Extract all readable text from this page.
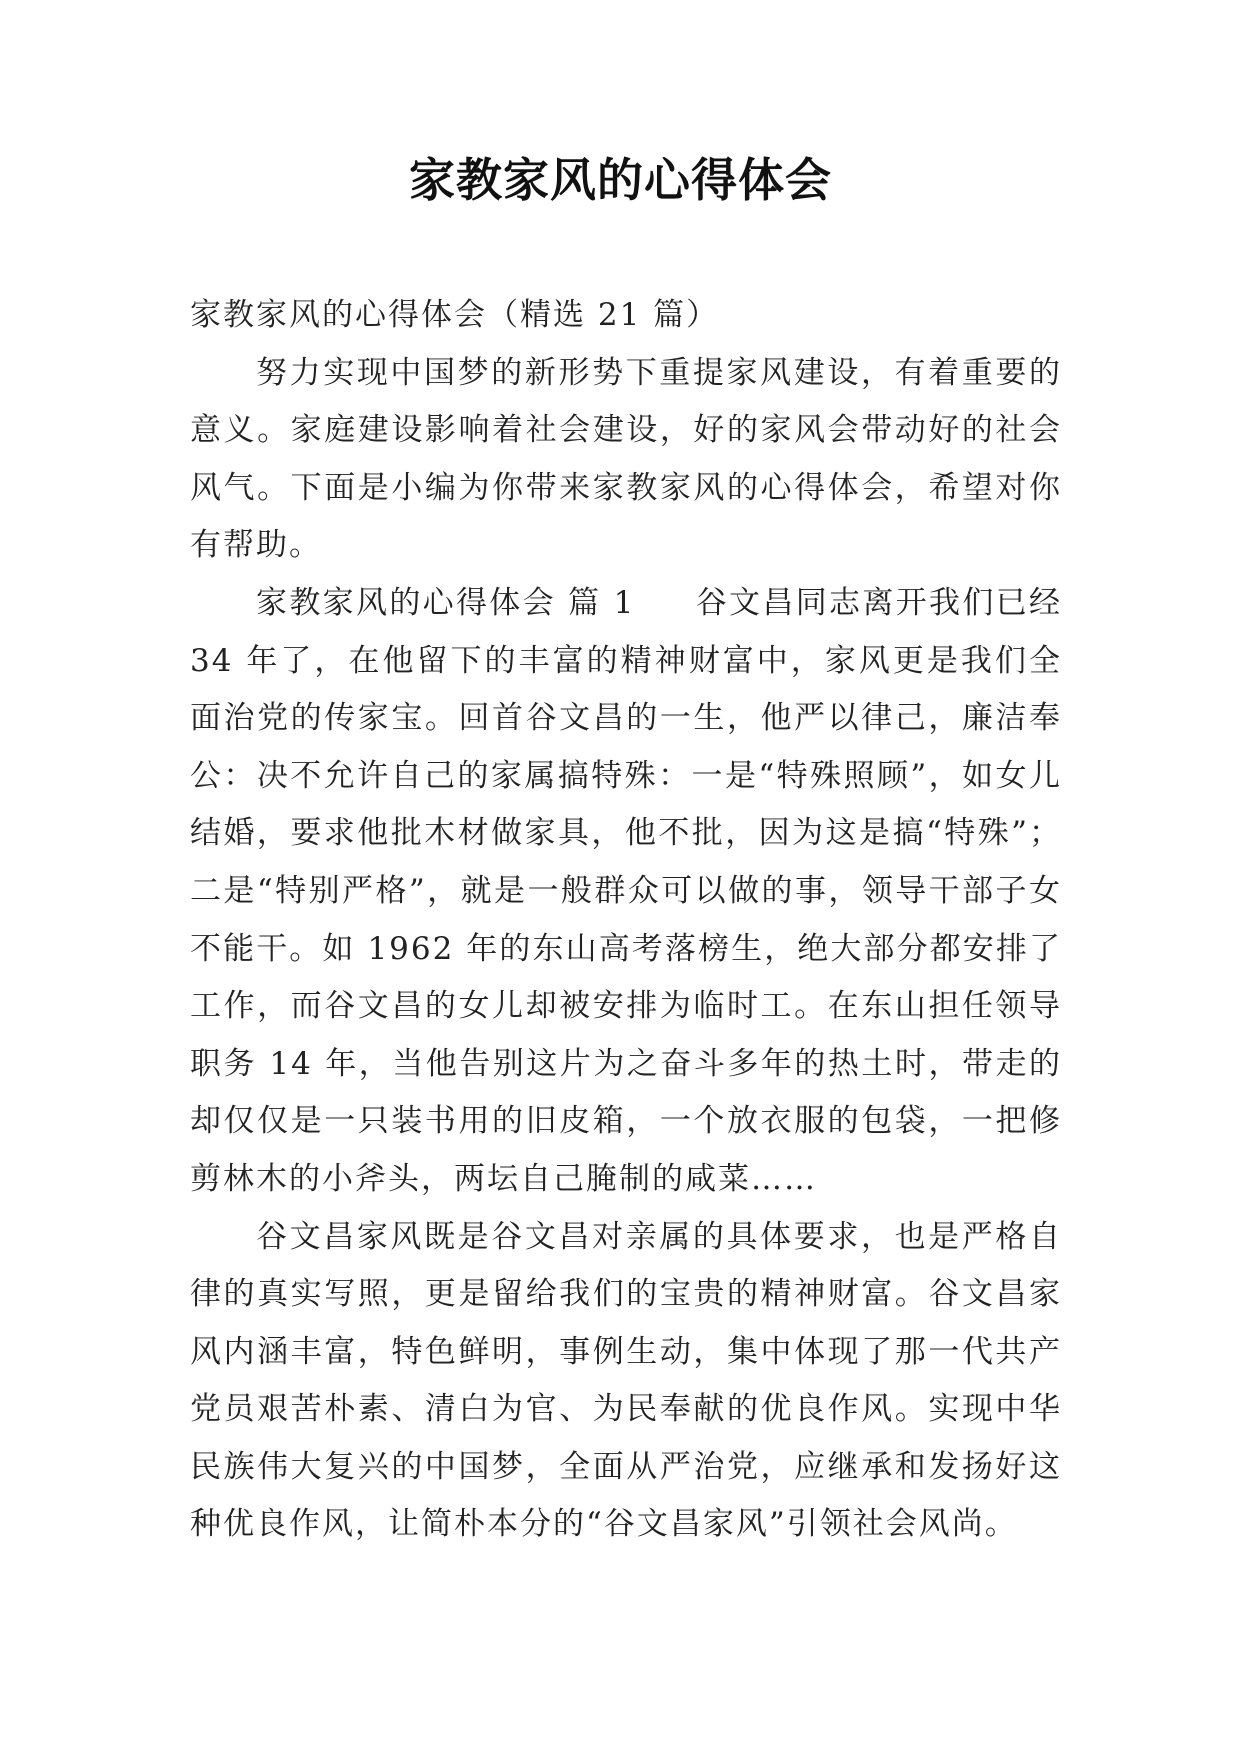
家教家风的心得体会

家教家风的心得体会（精选 21 篇）

努力实现中国梦的新形势下重提家风建设，有着重要的意义。家庭建设影响着社会建设，好的家风会带动好的社会风气。下面是小编为你带来家教家风的心得体会，希望对你有帮助。

家教家风的心得体会 篇 1 谷文昌同志离开我们已经 34 年了，在他留下的丰富的精神财富中，家风更是我们全面治党的传家宝。回首谷文昌的一生，他严以律己，廉洁奉公：决不允许自己的家属搞特殊：一是“特殊照顾”，如女儿结婚，要求他批木材做家具，他不批，因为这是搞“特殊”；二是“特别严格”，就是一般群众可以做的事，领导干部子女不能干。如 1962 年的东山高考落榜生，绝大部分都安排了工作，而谷文昌的女儿却被安排为临时工。在东山担任领导职务 14 年，当他告别这片为之奋斗多年的热土时，带走的却仅仅是一只装书用的旧皮箱，一个放衣服的包袋，一把修剪林木的小斧头，两坛自己腌制的咸菜……

谷文昌家风既是谷文昌对亲属的具体要求，也是严格自律的真实写照，更是留给我们的宝贵的精神财富。谷文昌家风内涵丰富，特色鲜明，事例生动，集中体现了那一代共产党员艰苦朴素、清白为官、为民奉献的优良作风。实现中华民族伟大复兴的中国梦，全面从严治党，应继承和发扬好这种优良作风，让简朴本分的“谷文昌家风”引领社会风尚。
